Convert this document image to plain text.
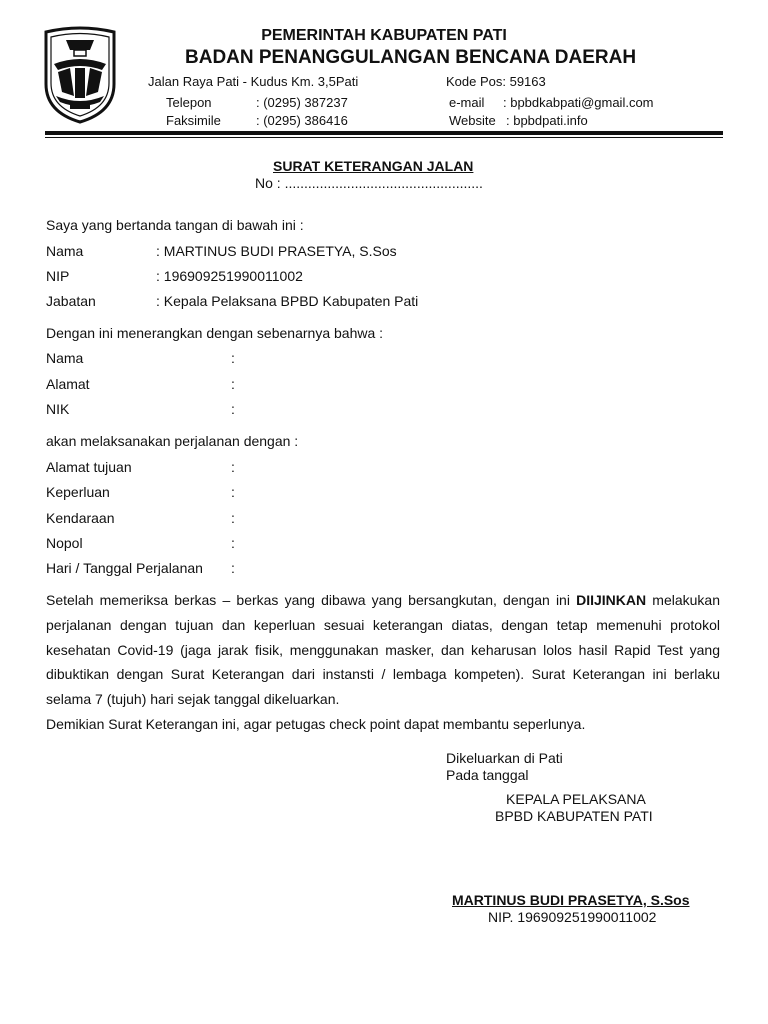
PEMERINTAH KABUPATEN PATI
BADAN PENANGGULANGAN BENCANA DAERAH
Jalan Raya Pati - Kudus Km. 3,5Pati	Kode Pos: 59163
Telepon	: (0295) 387237	e-mail : bpbdkabpati@gmail.com
Faksimile	: (0295) 386416	Website : bpbdpati.info
SURAT KETERANGAN JALAN
No : ...................................................
Saya yang bertanda tangan di bawah ini :
Nama	: MARTINUS BUDI PRASETYA, S.Sos
NIP	: 196909251990011002
Jabatan	: Kepala Pelaksana BPBD Kabupaten Pati
Dengan ini menerangkan dengan sebenarnya bahwa :
Nama	:
Alamat	:
NIK	:
akan melaksanakan perjalanan dengan :
Alamat tujuan	:
Keperluan	:
Kendaraan	:
Nopol	:
Hari / Tanggal Perjalanan :
Setelah memeriksa berkas – berkas yang dibawa yang bersangkutan, dengan ini DIIJINKAN melakukan perjalanan dengan tujuan dan keperluan sesuai keterangan diatas, dengan tetap memenuhi protokol kesehatan Covid-19 (jaga jarak fisik, menggunakan masker, dan keharusan lolos hasil Rapid Test yang dibuktikan dengan Surat Keterangan dari instansti / lembaga kompeten). Surat Keterangan ini berlaku selama 7 (tujuh) hari sejak tanggal dikeluarkan.
Demikian Surat Keterangan ini, agar petugas check point dapat membantu seperlunya.
Dikeluarkan di Pati
Pada tanggal
KEPALA PELAKSANA
BPBD KABUPATEN PATI
MARTINUS BUDI PRASETYA, S.Sos
NIP. 196909251990011002
